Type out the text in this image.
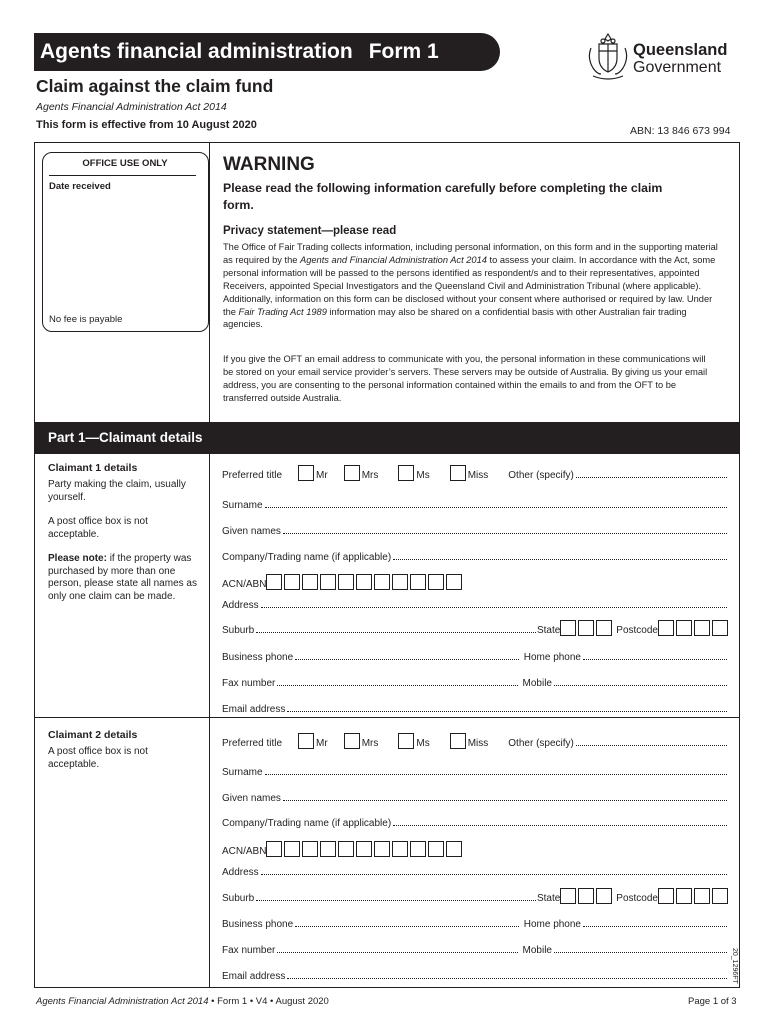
Agents financial administration Form 1
Claim against the claim fund
Agents Financial Administration Act 2014
This form is effective from 10 August 2020	ABN: 13 846 673 994
Queensland
Government
OFFICE USE ONLY
Date received
No fee is payable
WARNING
Please read the following information carefully before completing the claim form.
Privacy statement—please read
The Office of Fair Trading collects information, including personal information, on this form and in the supporting material as required by the Agents and Financial Administration Act 2014 to assess your claim. In accordance with the Act, some personal information will be passed to the persons identified as respondent/s and to their representatives, appointed Receivers, appointed Special Investigators and the Queensland Civil and Administration Tribunal (where applicable). Additionally, information on this form can be disclosed without your consent where authorised or required by law. Under the Fair Trading Act 1989 information may also be shared on a confidential basis with other Australian fair trading agencies.
If you give the OFT an email address to communicate with you, the personal information in these communications will be stored on your email service provider’s servers. These servers may be outside of Australia. By giving us your email address, you are consenting to the personal information contained within the emails to and from the OFT to be transferred outside Australia.
Part 1—Claimant details
Claimant 1 details
Party making the claim, usually yourself.
A post office box is not acceptable.
Please note: if the property was purchased by more than one person, please state all names as only one claim can be made.
Claimant 2 details
A post office box is not acceptable.
Preferred title	Mr	Mrs	Ms	Miss Other (specify)
Surname
Given names
Company/Trading name (if applicable)
ACN/ABN
Address
Suburb	State	Postcode
Business phone	Home phone
Fax number	Mobile
Email address
Preferred title	Mr	Mrs	Ms	Miss Other (specify)
Surname
Given names
Company/Trading name (if applicable)
ACN/ABN
Address
Suburb	State	Postcode
Business phone	Home phone
Fax number	Mobile
Email address
Agents Financial Administration Act 2014 • Form 1 • V4 • August 2020	Page 1 of 3
20_1296FT
